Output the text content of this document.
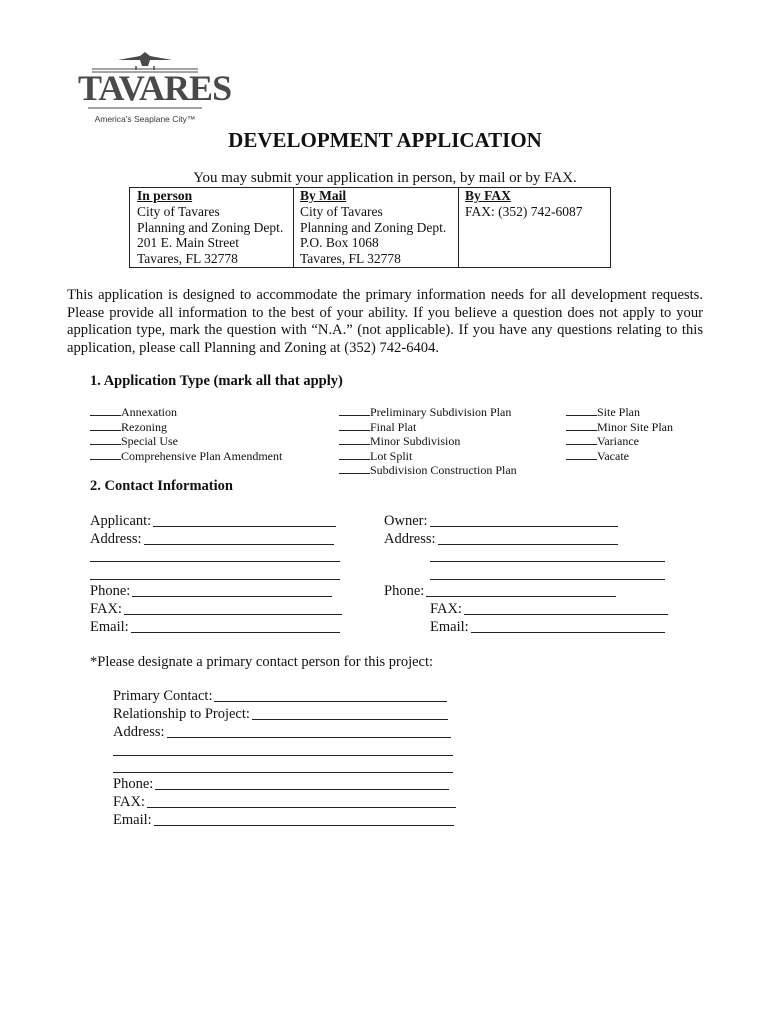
TAVARES
America's Seaplane City™
DEVELOPMENT APPLICATION
You may submit your application in person, by mail or by FAX.
In person
City of Tavares
Planning and Zoning Dept.
201 E. Main Street
Tavares, FL 32778
By Mail
City of Tavares
Planning and Zoning Dept.
P.O. Box 1068
Tavares, FL 32778
By FAX
FAX: (352) 742-6087
This application is designed to accommodate the primary information needs for all development requests. Please provide all information to the best of your ability. If you believe a question does not apply to your application type, mark the question with “N.A.” (not applicable). If you have any questions relating to this application, please call Planning and Zoning at (352) 742-6404.
1. Application Type (mark all that apply)
Annexation
Rezoning
Special Use
Comprehensive Plan Amendment
Preliminary Subdivision Plan
Final Plat
Minor Subdivision
Lot Split
Subdivision Construction Plan
Site Plan
Minor Site Plan
Variance
Vacate
2. Contact Information
Applicant:
Address:
Phone:
FAX:
Email:
Owner:
Address:
Phone:
FAX:
Email:
*Please designate a primary contact person for this project:
Primary Contact:
Relationship to Project:
Address:
Phone:
FAX:
Email:
